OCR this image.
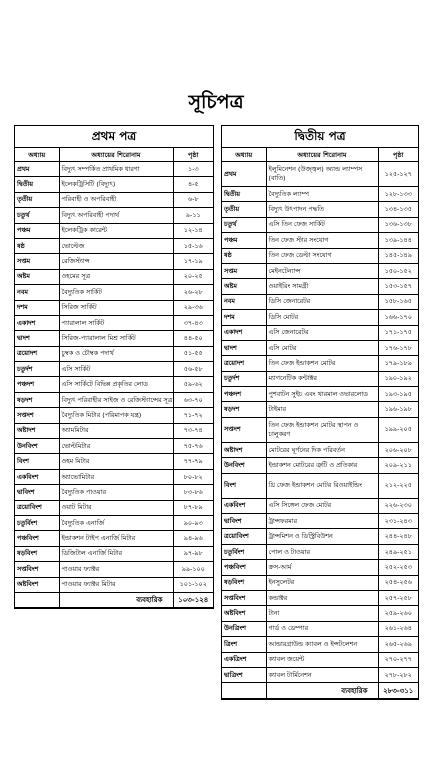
সূচিপত্র
প্রথম পত্র
অধ্যায়	অধ্যায়ের শিরোনাম	পৃষ্ঠা
প্রথম	বিদ্যুৎ সম্পর্কিত প্রাথমিক ধারণা	১-৩
দ্বিতীয়	ইলেকট্রিসিটি (বিদ্যুৎ)	৪-৫
তৃতীয়	পরিবাহী ও অপরিবাহী	৬-৮
চতুর্থ	বিদ্যুৎ অপরিবাহী পদার্থ	৯-১১
পঞ্চম	ইলেকট্রিক কারেন্ট	১২-১৪
ষষ্ঠ	ভোল্টেজ	১৫-১৬
সপ্তম	রেজিস্ট্যান্স	১৭-১৯
অষ্টম	ওহমের সূত্র	২০-২৫
নবম	বৈদ্যুতিক সার্কিট	২৬-২৮
দশম	সিরিজ সার্কিট	২৯-৩৬
একাদশ	প্যারালাল সার্কিট	৩৭-৪৩
দ্বাদশ	সিরিজ-প্যারালাল মিশ্র সার্কিট	৪৪-৫০
ত্রয়োদশ	চুম্বক ও চৌম্বক পদার্থ	৫১-৫৫
চতুর্দশ	এসি সার্কিট	৫৬-৫৮
পঞ্চদশ	এসি সার্কিটে বিভিন্ন প্রকৃতির লোড	৫৯-৬২
ষড়দশ	বিদ্যুৎ পরিবাহীর সাইজ ও রেজিস্ট্যান্সের সূত্র	৬৩-৭০
সপ্তদশ	বৈদ্যুতিক মিটার (পরিমাপক যন্ত্র)	৭১-৭২
অষ্টাদশ	অ্যামমিটার	৭৩-৭৪
উনবিংশ	ভোল্টমিটার	৭৫-৭৬
বিংশ	ওহম মিটার	৭৭-৭৯
একবিংশ	অ্যাভোমিটার	৮০-৮২
দ্বাবিংশ	বৈদ্যুতিক পাওয়ার	৮৩-৮৬
ত্রয়োবিংশ	ওয়াট মিটার	৮৭-৮৯
চতুর্বিংশ	বৈদ্যুতিক এনার্জি	৯০-৯৩
পঞ্চবিংশ	ইন্ডাকশন টাইপ এনার্জি মিটার	৯৪-৯৬
ষড়বিংশ	ডিজিটাল এনার্জি মিটার	৯৭-৯৮
সপ্তবিংশ	পাওয়ার ফ্যাক্টর	৯৯-১০০
অষ্টবিংশ	পাওয়ার ফ্যাক্টর মিটার	১০১-১০২
	ব্যবহারিক	১০৩-১২৪
দ্বিতীয় পত্র
অধ্যায়	অধ্যায়ের শিরোনাম	পৃষ্ঠা
প্রথম	ইলুমিনেশন (উজ্জ্বল) অ্যান্ড ল্যাম্পস (বাতি)	১২৫-১২৭
দ্বিতীয়	বৈদ্যুতিক ল্যাম্প	১২৮-১৩৩
তৃতীয়	বিদ্যুৎ উৎপাদন পদ্ধতি	১৩৪-১৩৫
চতুর্থ	এসি তিন ফেজ সার্কিট	১৩৬-১৩৮
পঞ্চম	তিন ফেজ স্টার সংযোগ	১৩৯-১৪৪
ষষ্ঠ	তিন ফেজ ডেল্টা সংযোগ	১৪৫-১৪৯
সপ্তম	মেইনটেন্যান্স	১৫০-১৫২
অষ্টম	ওয়াইরিং সামগ্রী	১৫৩-১৫৭
নবম	ডিসি জেনারেটর	১৫৮-১৬৫
দশম	ডিসি মোটর	১৬৬-১৭০
একাদশ	এসি জেনারেটর	১৭১-১৭৫
দ্বাদশ	এসি মোটর	১৭৬-১৭৮
ত্রয়োদশ	তিন ফেজ ইন্ডাকশন মোটর	১৭৯-১৮৯
চতুর্দশ	ম্যাগনেটিক কন্টাক্টর	১৯০-১৯২
পঞ্চদশ	পুশবাটন সুইচ এবং থারমাল ওভারলোড	১৯৩-১৯৫
ষড়দশ	টাইমার	১৯৬-১৯৮
সপ্তদশ	তিন ফেজ ইন্ডাকশন মোটর স্থাপন ও চালুকরণ	১৯৯-২০৫
অষ্টাদশ	মোটরের ঘূর্ণনের দিক পরিবর্তন	২০৬-২০৮
উনবিংশ	ইন্ডাকশন মোটরের ত্রুটি ও প্রতিকার	২০৯-২১১
বিংশ	থ্রি ফেজ ইন্ডাকশন মোটর রিওয়াইন্ডিং	২১২-২২৫
একবিংশ	এসি সিঙ্গেল ফেজ মোটর	২২৬-২৩০
দ্বাবিংশ	ট্রান্সফরমার	২৩১-২৪৩
ত্রয়োবিংশ	ট্রান্সমিশন ও ডিস্ট্রিবিউশন	২৪৪-২৪৮
চতুর্বিংশ	পোল ও টাওয়ার	২৪৯-২৫১
পঞ্চবিংশ	ক্রস-আর্ম	২৫২-২৫৩
ষড়বিংশ	ইনসুলেটর	২৫৪-২৫৬
সপ্তবিংশ	কন্ডাক্টর	২৫৭-২৫৮
অষ্টবিংশ	টানা	২৫৯-২৬০
উনত্রিংশ	গার্ড ও ডেম্পার	২৬১-২৬৪
ত্রিংশ	আন্ডারগ্রাউন্ড ক্যাবল ও ইন্সটলেশন	২৬৫-২৬৯
একত্রিংশ	ক্যাবল জয়েন্ট	২৭০-২৭৭
দ্বাত্রিংশ	ক্যাবল টার্মিনেশন	২৭৮-২৮২
	ব্যবহারিক	২৮৩-৩১১
